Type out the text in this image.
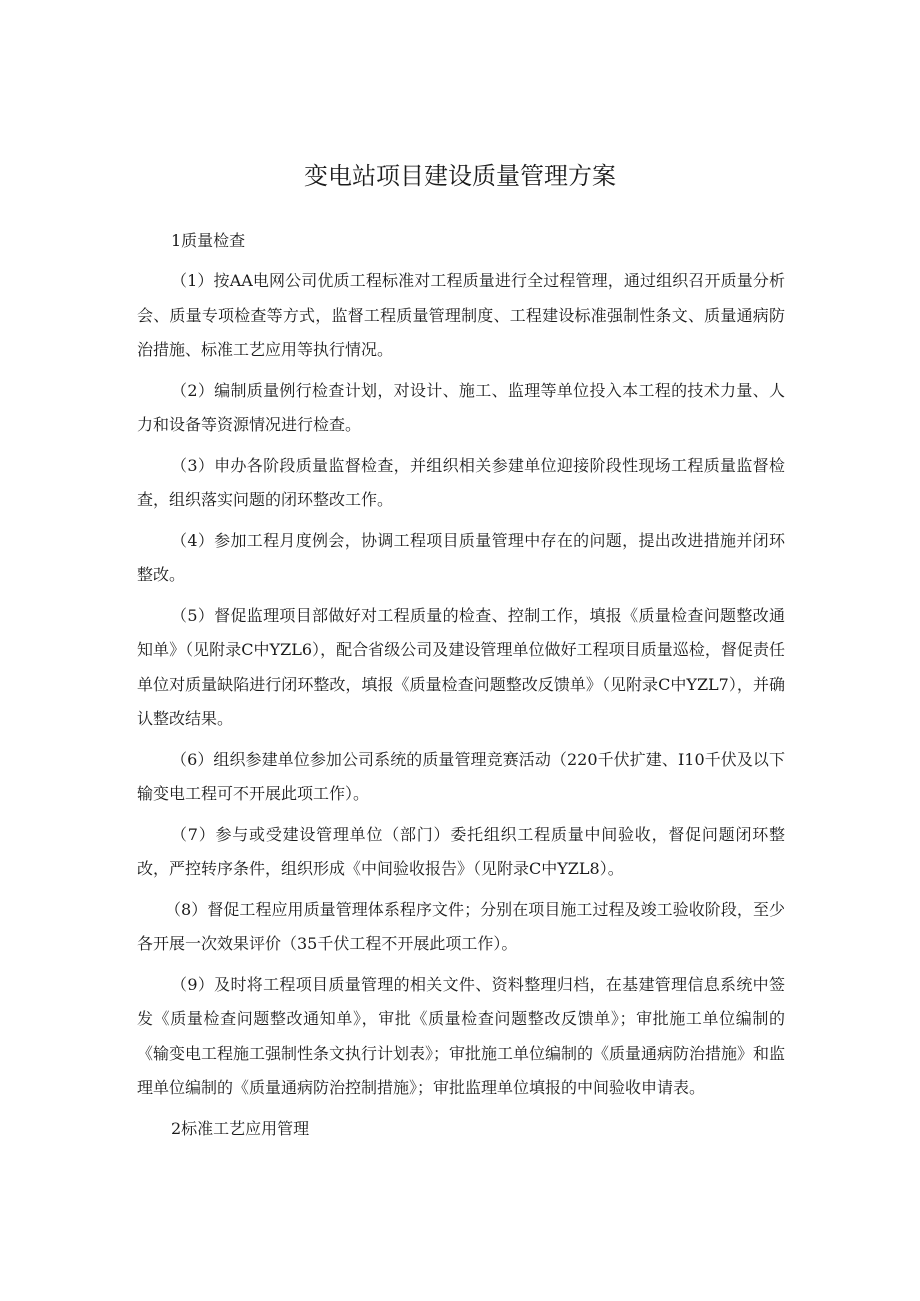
变电站项目建设质量管理方案

1质量检查

（1）按AA电网公司优质工程标准对工程质量进行全过程管理，通过组织召开质量分析会、质量专项检查等方式，监督工程质量管理制度、工程建设标准强制性条文、质量通病防治措施、标准工艺应用等执行情况。

（2）编制质量例行检查计划，对设计、施工、监理等单位投入本工程的技术力量、人力和设备等资源情况进行检查。

（3）申办各阶段质量监督检查，并组织相关参建单位迎接阶段性现场工程质量监督检查，组织落实问题的闭环整改工作。

（4）参加工程月度例会，协调工程项目质量管理中存在的问题，提出改进措施并闭环整改。

（5）督促监理项目部做好对工程质量的检查、控制工作，填报《质量检查问题整改通知单》（见附录C中YZL6），配合省级公司及建设管理单位做好工程项目质量巡检，督促责任单位对质量缺陷进行闭环整改，填报《质量检查问题整改反馈单》（见附录C中YZL7），并确认整改结果。

（6）组织参建单位参加公司系统的质量管理竞赛活动（220千伏扩建、I10千伏及以下输变电工程可不开展此项工作）。

（7）参与或受建设管理单位（部门）委托组织工程质量中间验收，督促问题闭环整改，严控转序条件，组织形成《中间验收报告》（见附录C中YZL8）。

（8）督促工程应用质量管理体系程序文件；分别在项目施工过程及竣工验收阶段，至少各开展一次效果评价（35千伏工程不开展此项工作）。

（9）及时将工程项目质量管理的相关文件、资料整理归档，在基建管理信息系统中签发《质量检查问题整改通知单》，审批《质量检查问题整改反馈单》；审批施工单位编制的《输变电工程施工强制性条文执行计划表》；审批施工单位编制的《质量通病防治措施》和监理单位编制的《质量通病防治控制措施》；审批监理单位填报的中间验收申请表。

2标准工艺应用管理
